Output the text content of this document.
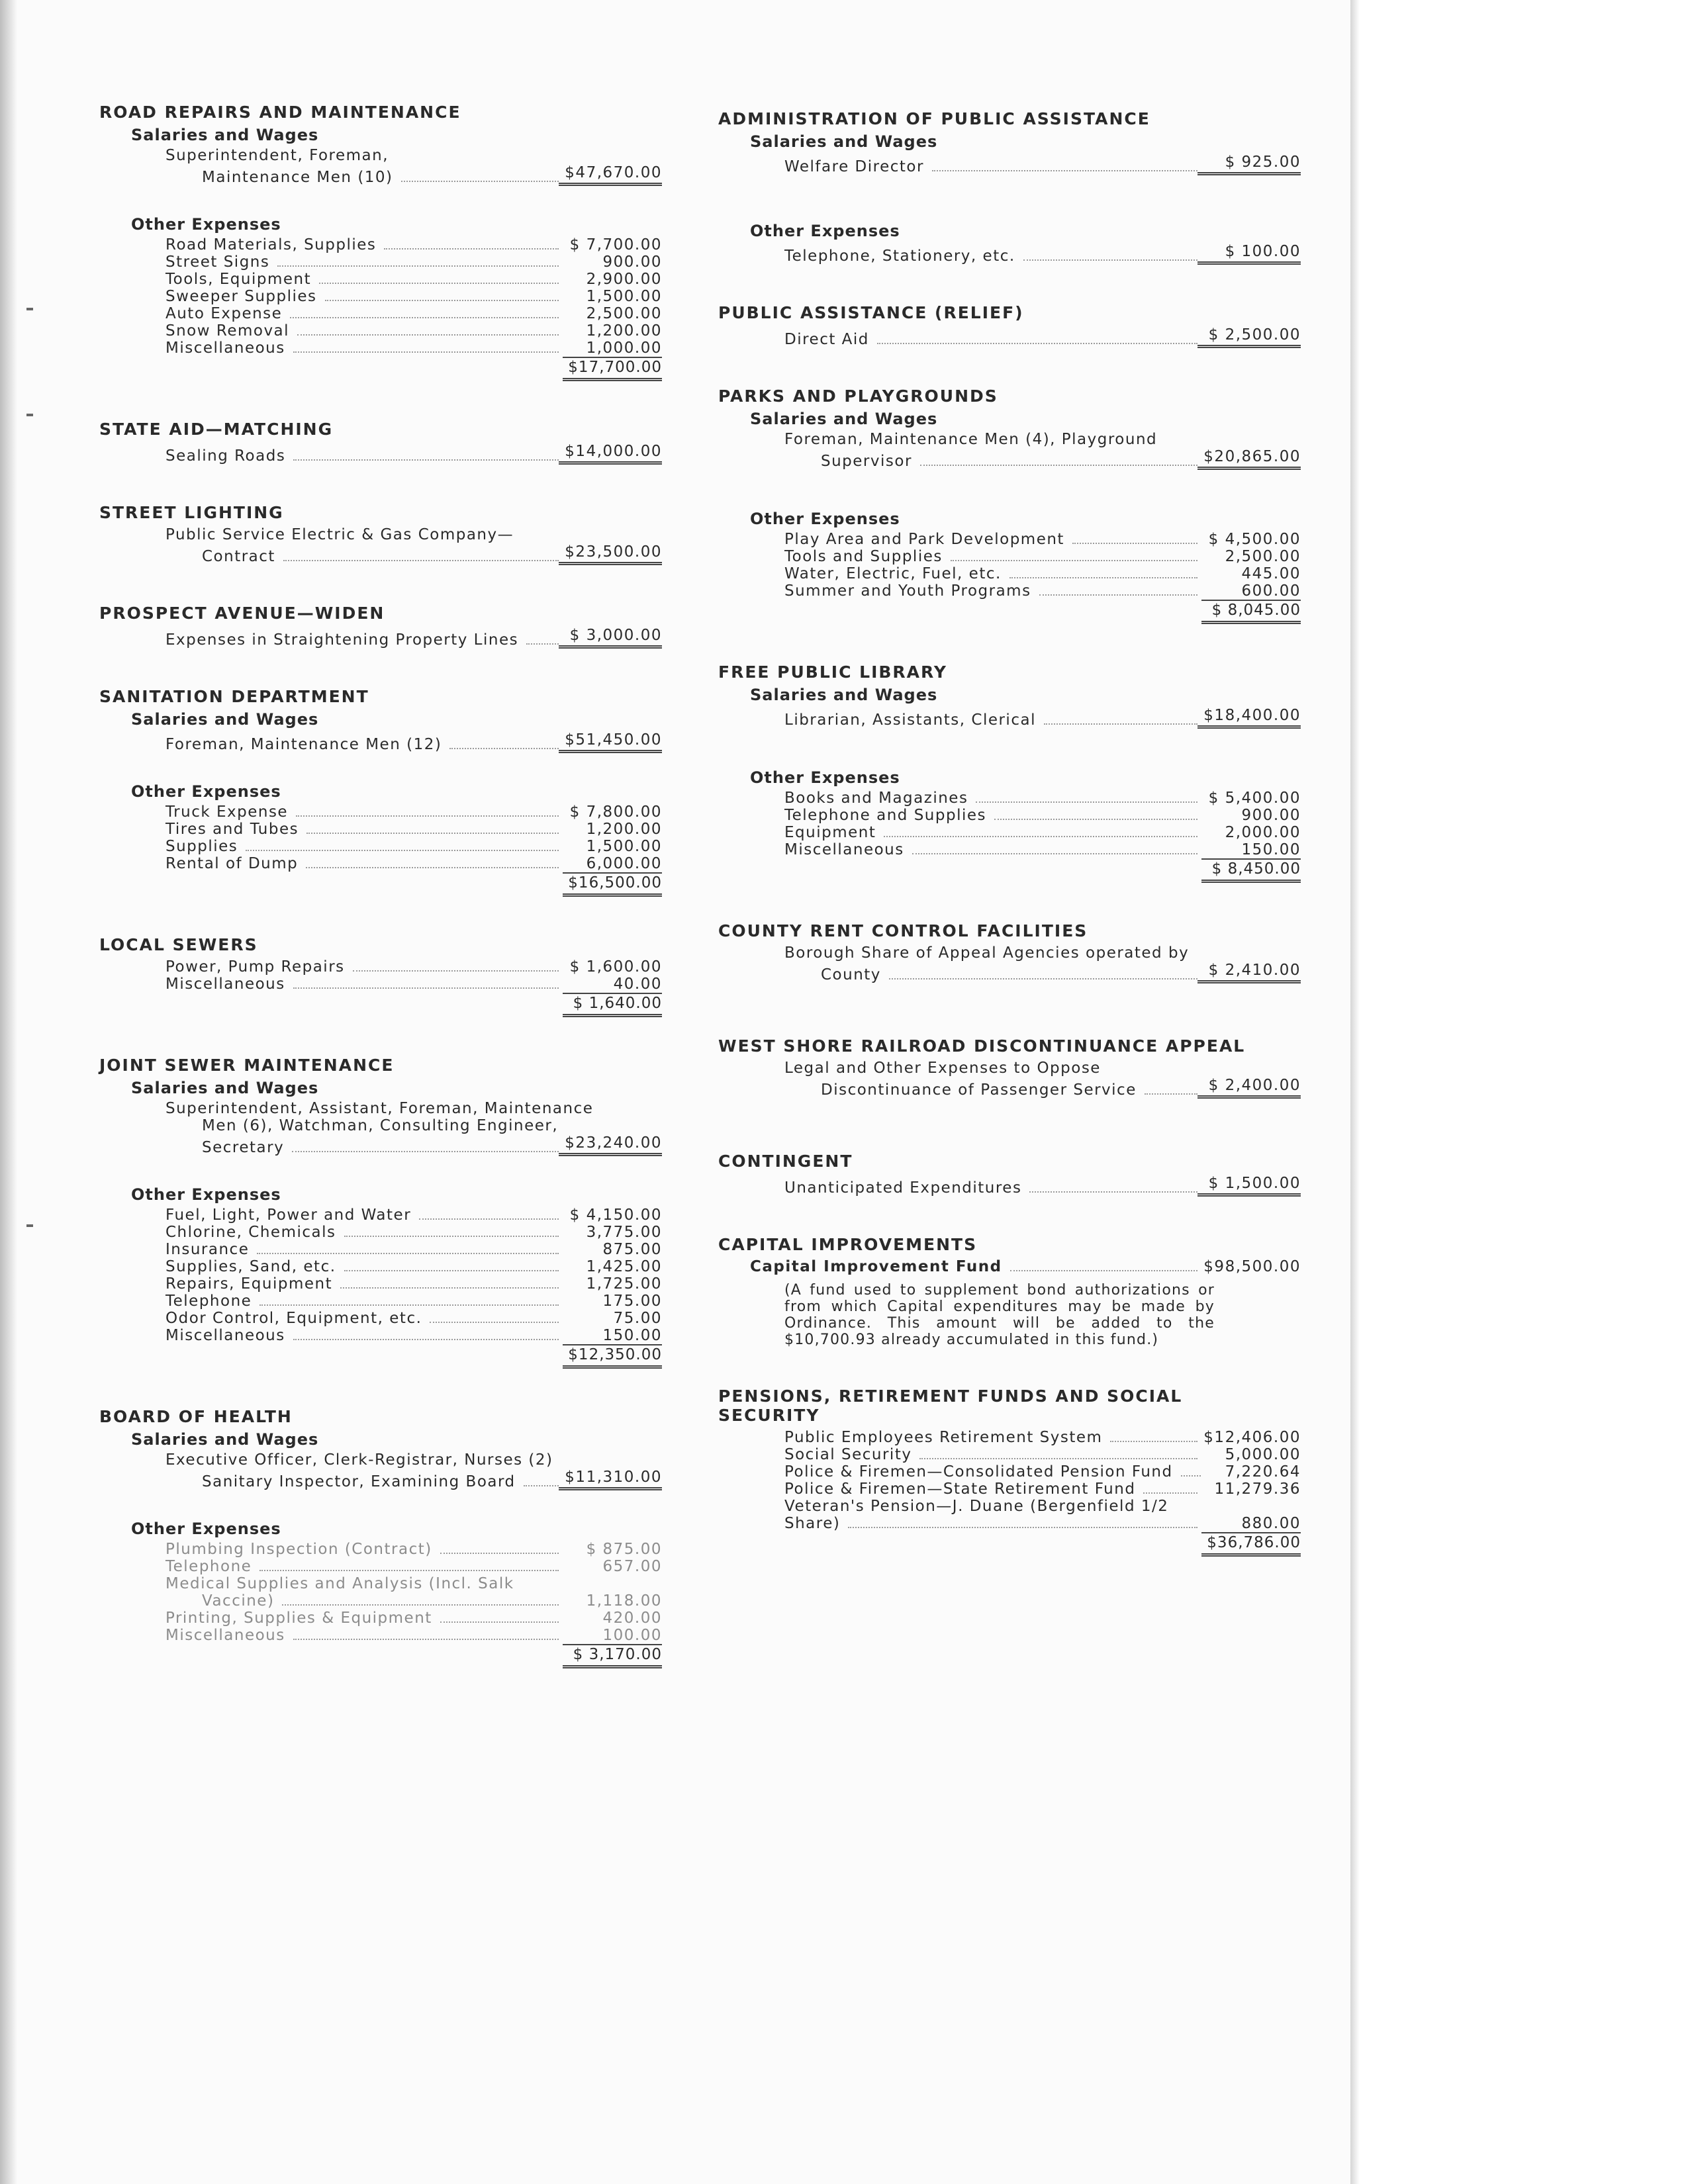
ROAD REPAIRS AND MAINTENANCE
Salaries and Wages
Superintendent, Foreman,
Maintenance Men (10)	$47,670.00
Other Expenses
Road Materials, Supplies	$ 7,700.00
Street Signs	900.00
Tools, Equipment	2,900.00
Sweeper Supplies	1,500.00
Auto Expense	2,500.00
Snow Removal	1,200.00
Miscellaneous	1,000.00
$17,700.00
STATE AID—MATCHING
Sealing Roads	$14,000.00
STREET LIGHTING
Public Service Electric & Gas Company—
Contract	$23,500.00
PROSPECT AVENUE—WIDEN
Expenses in Straightening Property Lines	$ 3,000.00
SANITATION DEPARTMENT
Salaries and Wages
Foreman, Maintenance Men (12)	$51,450.00
Other Expenses
Truck Expense	$ 7,800.00
Tires and Tubes	1,200.00
Supplies	1,500.00
Rental of Dump	6,000.00
$16,500.00
LOCAL SEWERS
Power, Pump Repairs	$ 1,600.00
Miscellaneous	40.00
$ 1,640.00
JOINT SEWER MAINTENANCE
Salaries and Wages
Superintendent, Assistant, Foreman, Maintenance
Men (6), Watchman, Consulting Engineer,
Secretary	$23,240.00
Other Expenses
Fuel, Light, Power and Water	$ 4,150.00
Chlorine, Chemicals	3,775.00
Insurance	875.00
Supplies, Sand, etc.	1,425.00
Repairs, Equipment	1,725.00
Telephone	175.00
Odor Control, Equipment, etc.	75.00
Miscellaneous	150.00
$12,350.00
BOARD OF HEALTH
Salaries and Wages
Executive Officer, Clerk-Registrar, Nurses (2)
Sanitary Inspector, Examining Board	$11,310.00
Other Expenses
Plumbing Inspection (Contract)	$ 875.00
Telephone	657.00
Medical Supplies and Analysis (Incl. Salk
Vaccine)	1,118.00
Printing, Supplies & Equipment	420.00
Miscellaneous	100.00
$ 3,170.00
ADMINISTRATION OF PUBLIC ASSISTANCE
Salaries and Wages
Welfare Director	$ 925.00
Other Expenses
Telephone, Stationery, etc.	$ 100.00
PUBLIC ASSISTANCE (RELIEF)
Direct Aid	$ 2,500.00
PARKS AND PLAYGROUNDS
Salaries and Wages
Foreman, Maintenance Men (4), Playground
Supervisor	$20,865.00
Other Expenses
Play Area and Park Development	$ 4,500.00
Tools and Supplies	2,500.00
Water, Electric, Fuel, etc.	445.00
Summer and Youth Programs	600.00
$ 8,045.00
FREE PUBLIC LIBRARY
Salaries and Wages
Librarian, Assistants, Clerical	$18,400.00
Other Expenses
Books and Magazines	$ 5,400.00
Telephone and Supplies	900.00
Equipment	2,000.00
Miscellaneous	150.00
$ 8,450.00
COUNTY RENT CONTROL FACILITIES
Borough Share of Appeal Agencies operated by
County	$ 2,410.00
WEST SHORE RAILROAD DISCONTINUANCE APPEAL
Legal and Other Expenses to Oppose
Discontinuance of Passenger Service	$ 2,400.00
CONTINGENT
Unanticipated Expenditures	$ 1,500.00
CAPITAL IMPROVEMENTS
Capital Improvement Fund	$98,500.00
(A fund used to supplement bond authorizations or from which Capital expenditures may be made by Ordinance. This amount will be added to the $10,700.93 already accumulated in this fund.)
PENSIONS, RETIREMENT FUNDS AND SOCIAL
SECURITY
Public Employees Retirement System	$12,406.00
Social Security	5,000.00
Police & Firemen—Consolidated Pension Fund	7,220.64
Police & Firemen—State Retirement Fund	11,279.36
Veteran's Pension—J. Duane (Bergenfield 1/2
Share)	880.00
$36,786.00
